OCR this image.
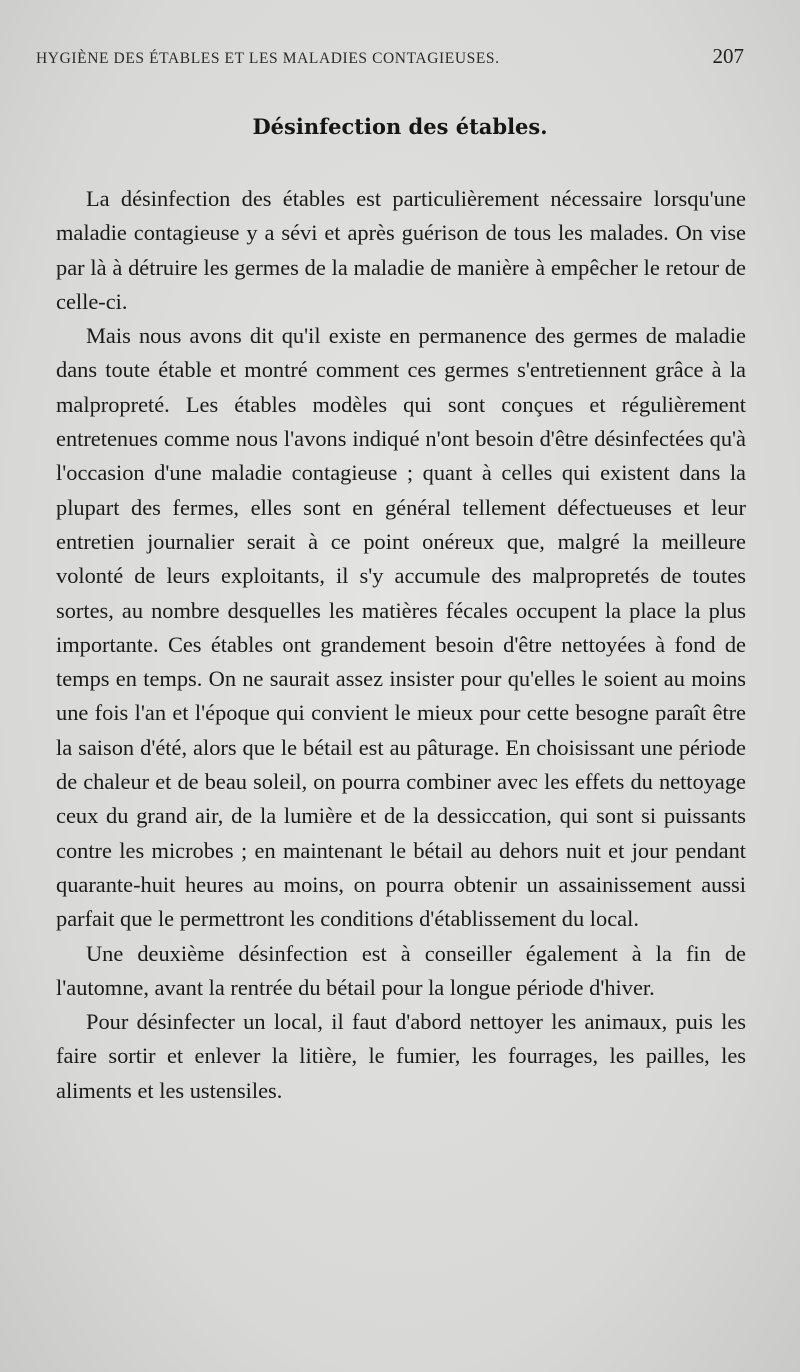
HYGIÈNE DES ÉTABLES ET LES MALADIES CONTAGIEUSES.	207
Désinfection des étables.

La désinfection des étables est particulièrement nécessaire lorsqu'une maladie contagieuse y a sévi et après guérison de tous les malades. On vise par là à détruire les germes de la maladie de manière à empêcher le retour de celle-ci.

Mais nous avons dit qu'il existe en permanence des germes de maladie dans toute étable et montré comment ces germes s'entretiennent grâce à la malpropreté. Les étables modèles qui sont conçues et régulièrement entretenues comme nous l'avons indiqué n'ont besoin d'être désinfectées qu'à l'occasion d'une maladie contagieuse ; quant à celles qui existent dans la plupart des fermes, elles sont en général tellement défectueuses et leur entretien journalier serait à ce point onéreux que, malgré la meilleure volonté de leurs exploitants, il s'y accumule des malpropretés de toutes sortes, au nombre desquelles les matières fécales occupent la place la plus importante. Ces étables ont grandement besoin d'être nettoyées à fond de temps en temps. On ne saurait assez insister pour qu'elles le soient au moins une fois l'an et l'époque qui convient le mieux pour cette besogne paraît être la saison d'été, alors que le bétail est au pâturage. En choisissant une période de chaleur et de beau soleil, on pourra combiner avec les effets du nettoyage ceux du grand air, de la lumière et de la dessiccation, qui sont si puissants contre les microbes ; en maintenant le bétail au dehors nuit et jour pendant quarante-huit heures au moins, on pourra obtenir un assainissement aussi parfait que le permettront les conditions d'établissement du local.

Une deuxième désinfection est à conseiller également à la fin de l'automne, avant la rentrée du bétail pour la longue période d'hiver.

Pour désinfecter un local, il faut d'abord nettoyer les animaux, puis les faire sortir et enlever la litière, le fumier, les fourrages, les pailles, les aliments et les ustensiles.
